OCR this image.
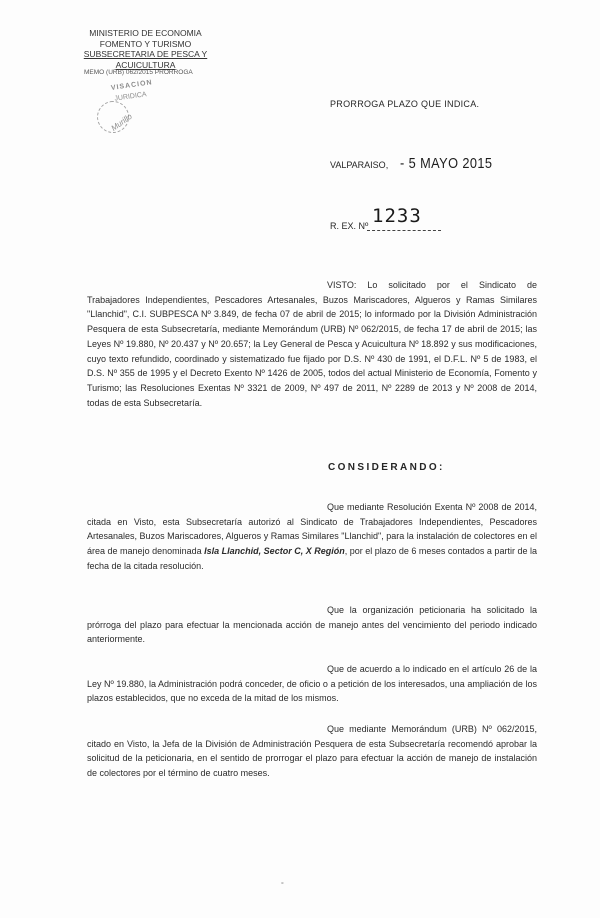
MINISTERIO DE ECONOMIA
FOMENTO Y TURISMO
SUBSECRETARIA DE PESCA Y ACUICULTURA
MEMO (URB) 062/2015 PRORROGA
VISACION
JURIDICA
Murillo
PRORROGA PLAZO QUE INDICA.
VALPARAISO, - 5 MAYO 2015
R. EX. Nº 1233
VISTO: Lo solicitado por el Sindicato de Trabajadores Independientes, Pescadores Artesanales, Buzos Mariscadores, Algueros y Ramas Similares "Llanchid", C.I. SUBPESCA Nº 3.849, de fecha 07 de abril de 2015; lo informado por la División Administración Pesquera de esta Subsecretaría, mediante Memorándum (URB) Nº 062/2015, de fecha 17 de abril de 2015; las Leyes Nº 19.880, Nº 20.437 y Nº 20.657; la Ley General de Pesca y Acuicultura Nº 18.892 y sus modificaciones, cuyo texto refundido, coordinado y sistematizado fue fijado por D.S. Nº 430 de 1991, el D.F.L. Nº 5 de 1983, el D.S. Nº 355 de 1995 y el Decreto Exento Nº 1426 de 2005, todos del actual Ministerio de Economía, Fomento y Turismo; las Resoluciones Exentas Nº 3321 de 2009, Nº 497 de 2011, Nº 2289 de 2013 y Nº 2008 de 2014, todas de esta Subsecretaría.
CONSIDERANDO:
Que mediante Resolución Exenta Nº 2008 de 2014, citada en Visto, esta Subsecretaría autorizó al Sindicato de Trabajadores Independientes, Pescadores Artesanales, Buzos Mariscadores, Algueros y Ramas Similares "Llanchid", para la instalación de colectores en el área de manejo denominada Isla Llanchid, Sector C, X Región, por el plazo de 6 meses contados a partir de la fecha de la citada resolución.
Que la organización peticionaria ha solicitado la prórroga del plazo para efectuar la mencionada acción de manejo antes del vencimiento del periodo indicado anteriormente.
Que de acuerdo a lo indicado en el artículo 26 de la Ley Nº 19.880, la Administración podrá conceder, de oficio o a petición de los interesados, una ampliación de los plazos establecidos, que no exceda de la mitad de los mismos.
Que mediante Memorándum (URB) Nº 062/2015, citado en Visto, la Jefa de la División de Administración Pesquera de esta Subsecretaría recomendó aprobar la solicitud de la peticionaria, en el sentido de prorrogar el plazo para efectuar la acción de manejo de instalación de colectores por el término de cuatro meses.
°
